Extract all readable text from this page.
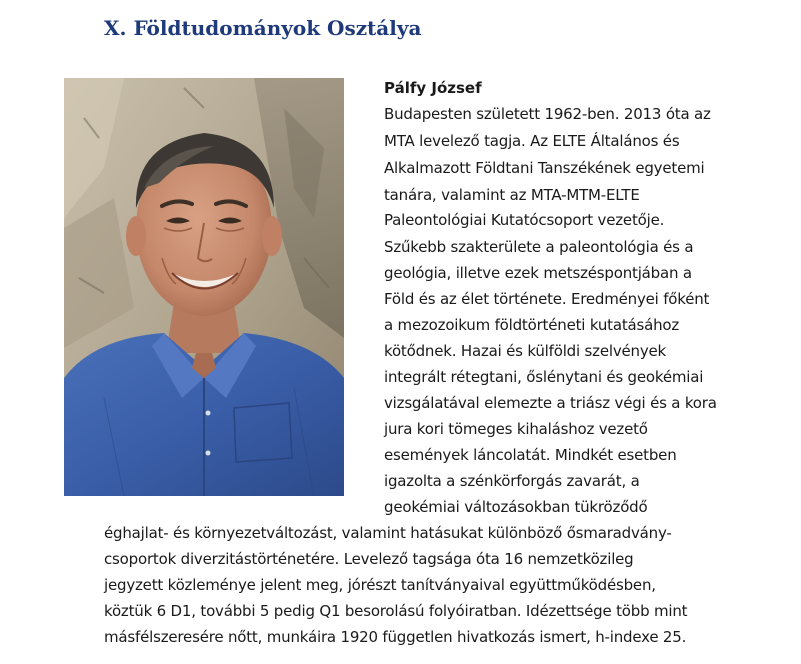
X. Földtudományok Osztálya
Pálfy József
Budapesten született 1962-ben. 2013 óta az
MTA levelező tagja. Az ELTE Általános és
Alkalmazott Földtani Tanszékének egyetemi
tanára, valamint az MTA-MTM-ELTE
Paleontológiai Kutatócsoport vezetője.
Szűkebb szakterülete a paleontológia és a
geológia, illetve ezek metszéspontjában a
Föld és az élet története. Eredményei főként
a mezozoikum földtörténeti kutatásához
kötődnek. Hazai és külföldi szelvények
integrált rétegtani, őslénytani és geokémiai
vizsgálatával elemezte a triász végi és a kora
jura kori tömeges kihaláshoz vezető
események láncolatát. Mindkét esetben
igazolta a szénkörforgás zavarát, a
geokémiai változásokban tükröződő
éghajlat- és környezetváltozást, valamint hatásukat különböző ősmaradvány-
csoportok diverzitástörténetére. Levelező tagsága óta 16 nemzetközileg
jegyzett közleménye jelent meg, jórészt tanítványaival együttműködésben,
köztük 6 D1, további 5 pedig Q1 besorolású folyóiratban. Idézettsége több mint
másfélszeresére nőtt, munkáira 1920 független hivatkozás ismert, h-indexe 25.
